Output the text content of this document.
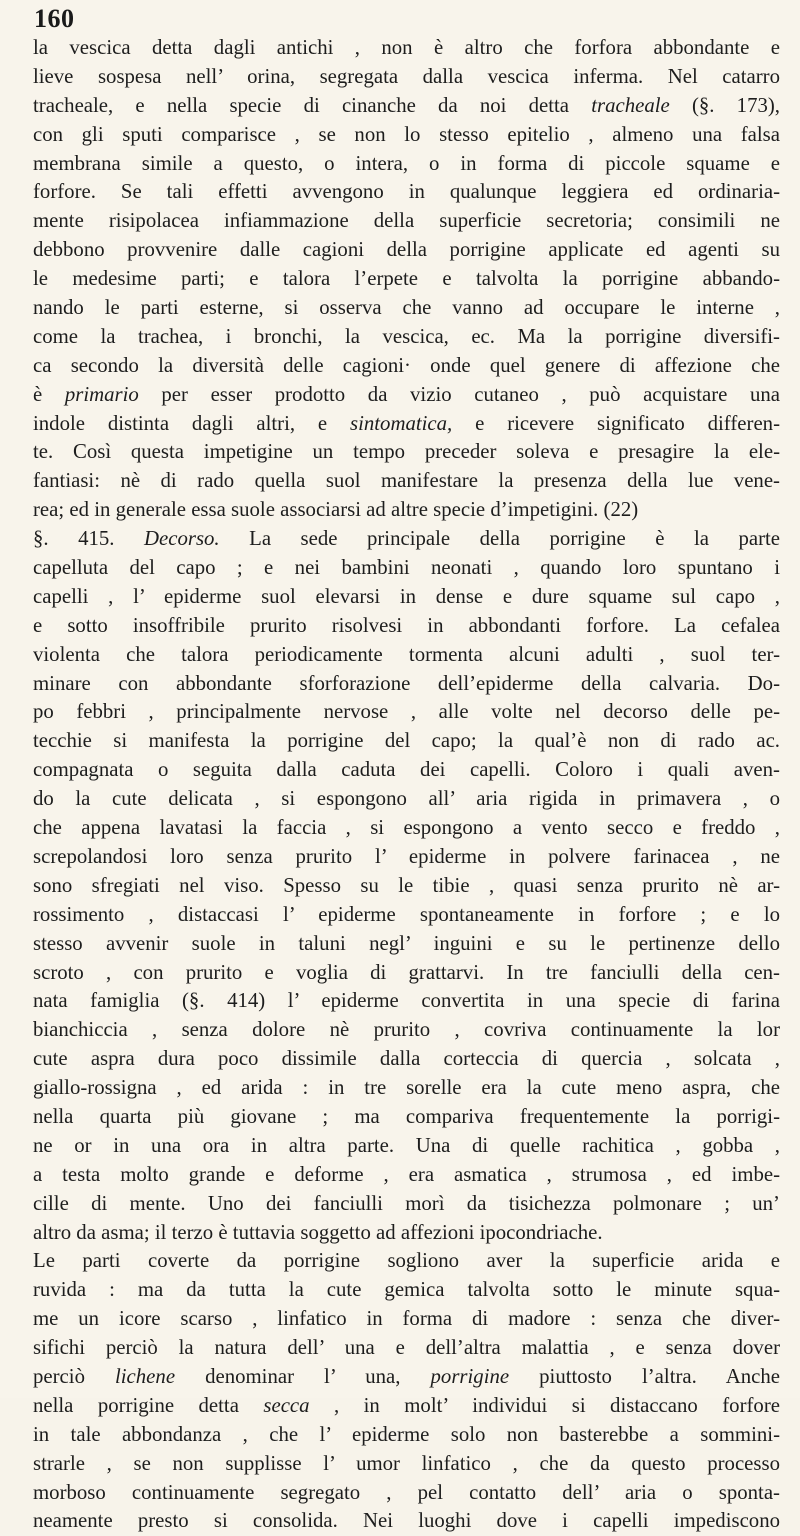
160
la vescica detta dagli antichi , non è altro che forfora abbondante e
lieve sospesa nell’ orina, segregata dalla vescica inferma. Nel catarro
tracheale, e nella specie di cinanche da noi detta tracheale (§. 173),
con gli sputi comparisce , se non lo stesso epitelio , almeno una falsa
membrana simile a questo, o intera, o in forma di piccole squame e
forfore. Se tali effetti avvengono in qualunque leggiera ed ordinaria-
mente risipolacea infiammazione della superficie secretoria; consimili ne
debbono provvenire dalle cagioni della porrigine applicate ed agenti su
le medesime parti; e talora l’erpete e talvolta la porrigine abbando-
nando le parti esterne, si osserva che vanno ad occupare le interne ,
come la trachea, i bronchi, la vescica, ec. Ma la porrigine diversifi-
ca secondo la diversità delle cagioni· onde quel genere di affezione che
è primario per esser prodotto da vizio cutaneo , può acquistare una
indole distinta dagli altri, e sintomatica, e ricevere significato differen-
te. Così questa impetigine un tempo preceder soleva e presagire la ele-
fantiasi: nè di rado quella suol manifestare la presenza della lue vene-
rea; ed in generale essa suole associarsi ad altre specie d’impetigini. (22)
§. 415. Decorso. La sede principale della porrigine è la parte
capelluta del capo ; e nei bambini neonati , quando loro spuntano i
capelli , l’ epiderme suol elevarsi in dense e dure squame sul capo ,
e sotto insoffribile prurito risolvesi in abbondanti forfore. La cefalea
violenta che talora periodicamente tormenta alcuni adulti , suol ter-
minare con abbondante sforforazione dell’epiderme della calvaria. Do-
po febbri , principalmente nervose , alle volte nel decorso delle pe-
tecchie si manifesta la porrigine del capo; la qual’è non di rado ac.
compagnata o seguita dalla caduta dei capelli. Coloro i quali aven-
do la cute delicata , si espongono all’ aria rigida in primavera , o
che appena lavatasi la faccia , si espongono a vento secco e freddo ,
screpolandosi loro senza prurito l’ epiderme in polvere farinacea , ne
sono sfregiati nel viso. Spesso su le tibie , quasi senza prurito nè ar-
rossimento , distaccasi l’ epiderme spontaneamente in forfore ; e lo
stesso avvenir suole in taluni negl’ inguini e su le pertinenze dello
scroto , con prurito e voglia di grattarvi. In tre fanciulli della cen-
nata famiglia (§. 414) l’ epiderme convertita in una specie di farina
bianchiccia , senza dolore nè prurito , covriva continuamente la lor
cute aspra dura poco dissimile dalla corteccia di quercia , solcata ,
giallo-rossigna , ed arida : in tre sorelle era la cute meno aspra, che
nella quarta più giovane ; ma compariva frequentemente la porrigi-
ne or in una ora in altra parte. Una di quelle rachitica , gobba ,
a testa molto grande e deforme , era asmatica , strumosa , ed imbe-
cille di mente. Uno dei fanciulli morì da tisichezza polmonare ; un’
altro da asma; il terzo è tuttavia soggetto ad affezioni ipocondriache.
Le parti coverte da porrigine sogliono aver la superficie arida e
ruvida : ma da tutta la cute gemica talvolta sotto le minute squa-
me un icore scarso , linfatico in forma di madore : senza che diver-
sifichi perciò la natura dell’ una e dell’altra malattia , e senza dover
perciò lichene denominar l’ una, porrigine piuttosto l’altra. Anche
nella porrigine detta secca , in molt’ individui si distaccano forfore
in tale abbondanza , che l’ epiderme solo non basterebbe a sommini-
strarle , se non supplisse l’ umor linfatico , che da questo processo
morboso continuamente segregato , pel contatto dell’ aria o sponta-
neamente presto si consolida. Nei luoghi dove i capelli impediscono
